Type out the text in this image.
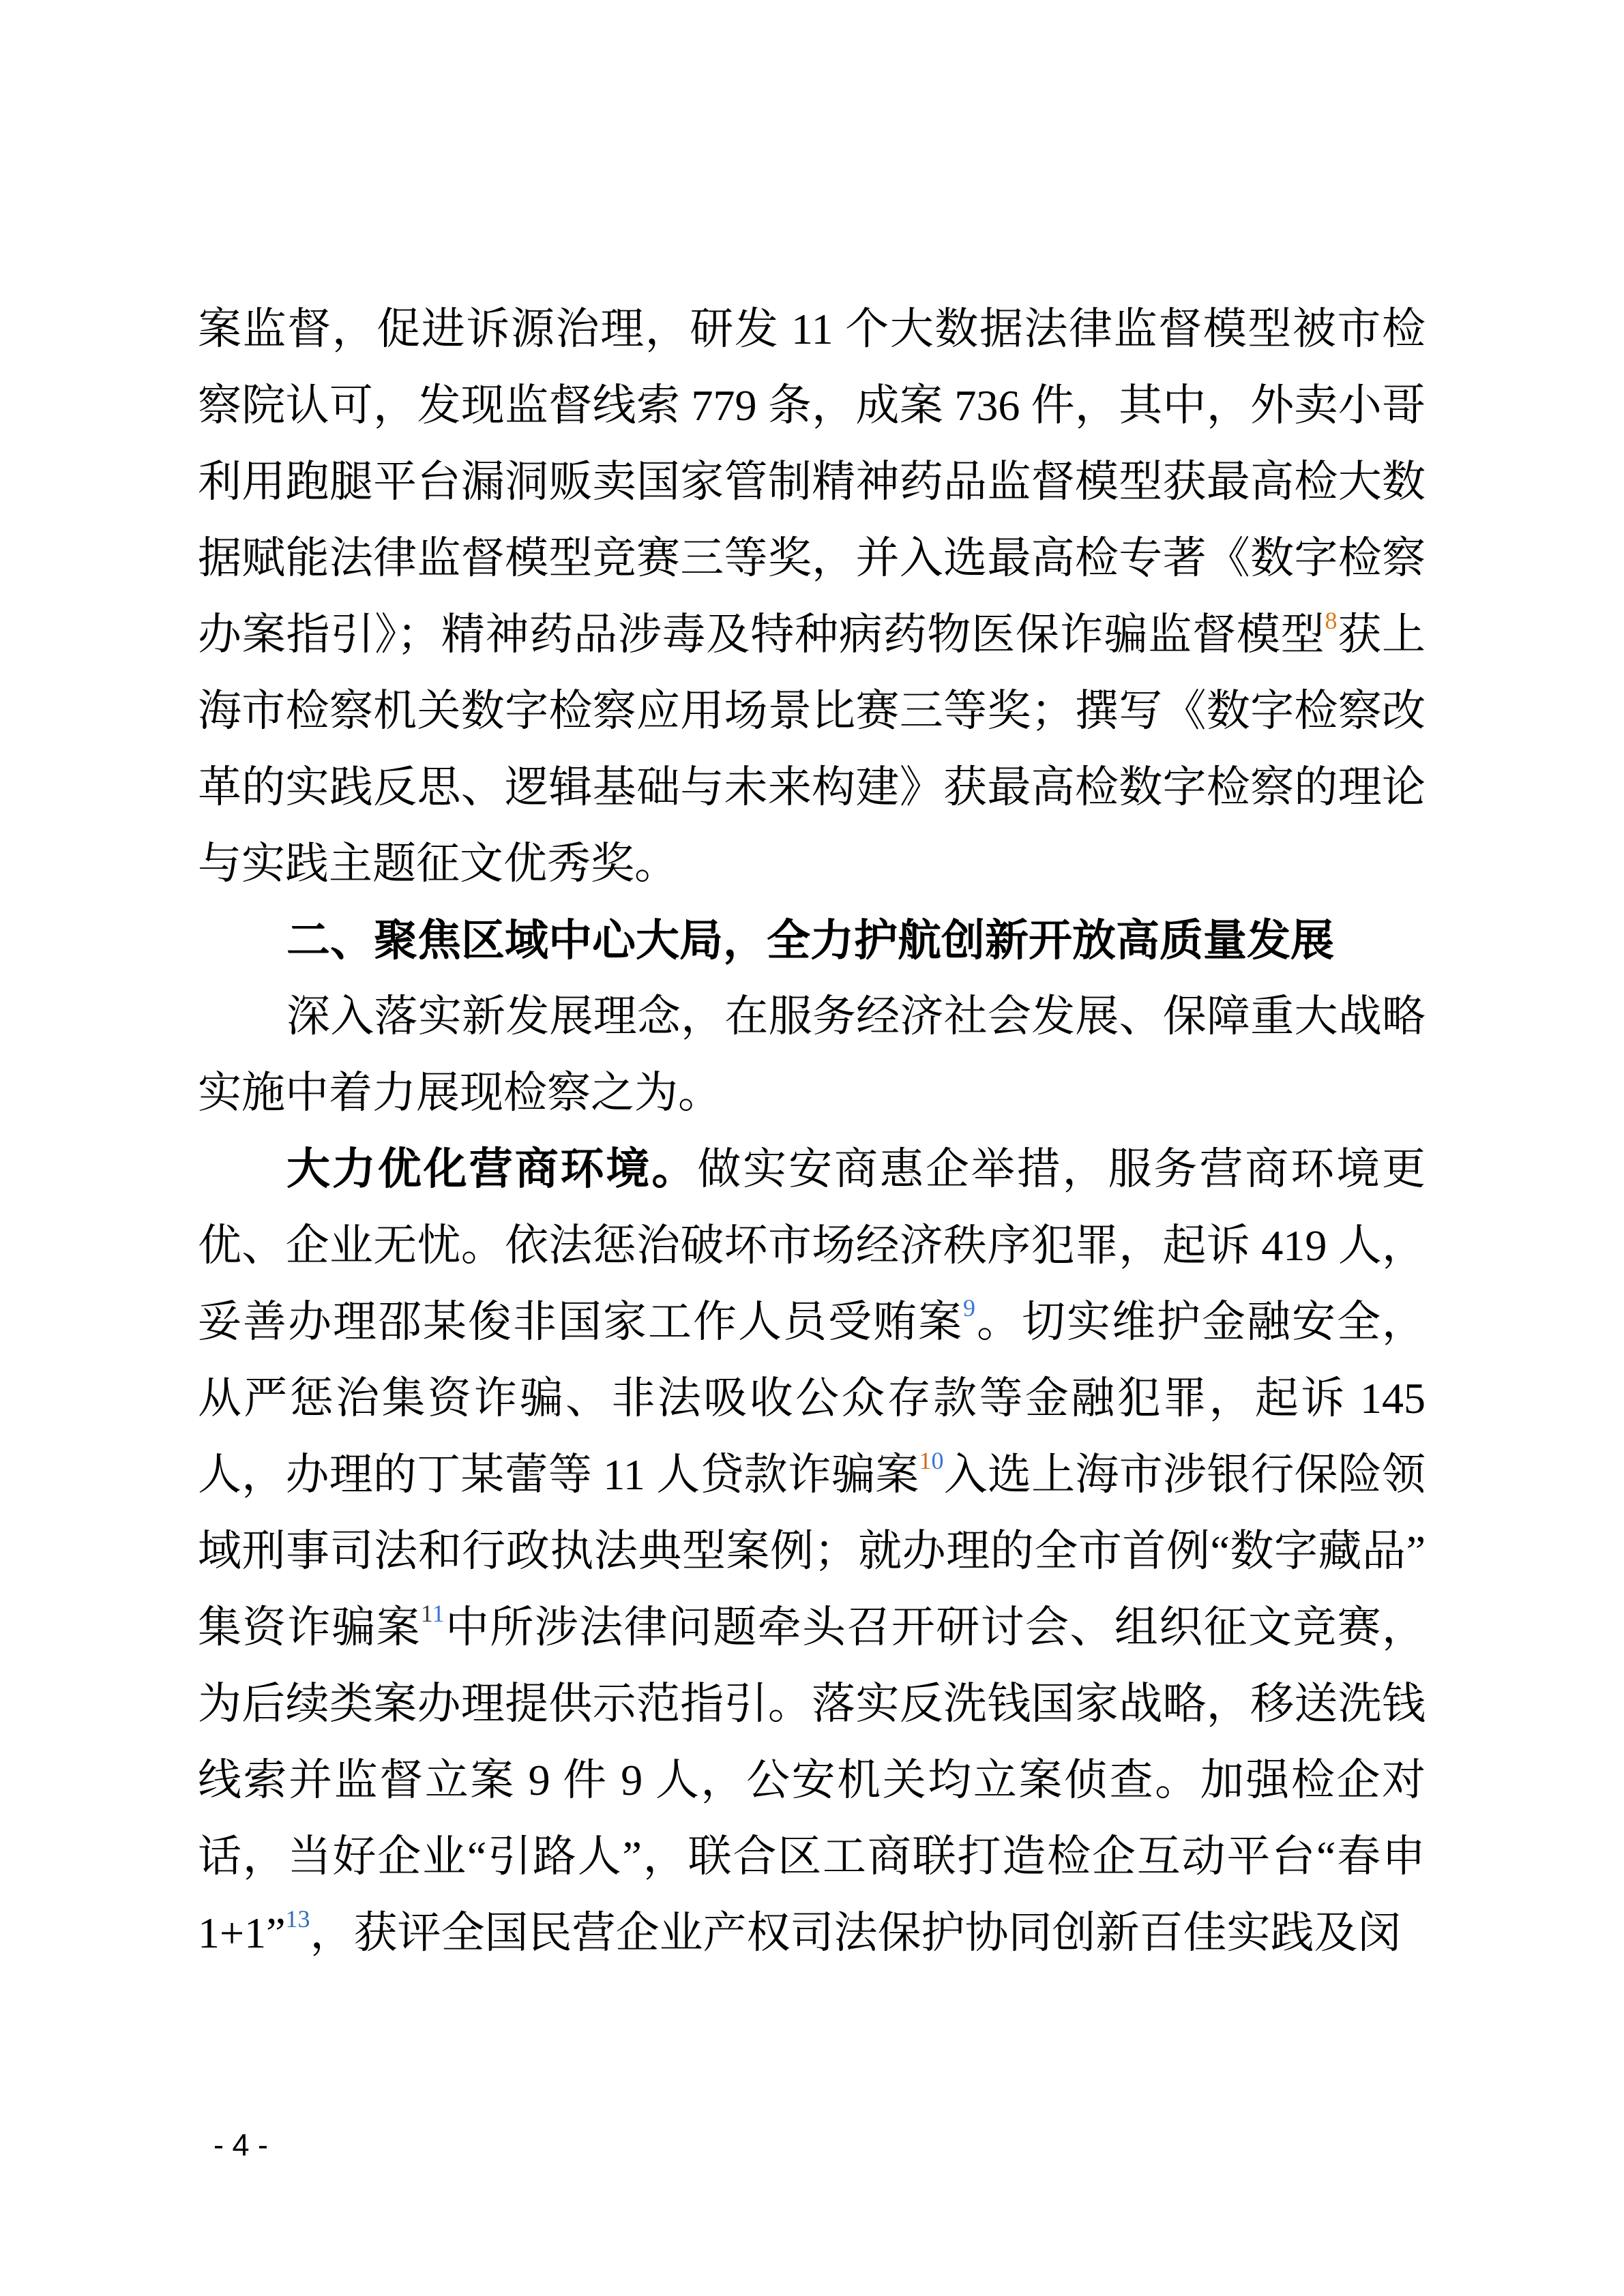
案监督，促进诉源治理，研发 11 个大数据法律监督模型被市检察院认可，发现监督线索 779 条，成案 736 件，其中，外卖小哥利用跑腿平台漏洞贩卖国家管制精神药品监督模型获最高检大数据赋能法律监督模型竞赛三等奖，并入选最高检专著《数字检察办案指引》；精神药品涉毒及特种病药物医保诈骗监督模型$^8$获上海市检察机关数字检察应用场景比赛三等奖；撰写《数字检察改革的实践反思、逻辑基础与未来构建》获最高检数字检察的理论与实践主题征文优秀奖。

二、聚焦区域中心大局，全力护航创新开放高质量发展

深入落实新发展理念，在服务经济社会发展、保障重大战略实施中着力展现检察之为。

大力优化营商环境。做实安商惠企举措，服务营商环境更优、企业无忧。依法惩治破坏市场经济秩序犯罪，起诉 419 人，妥善办理邵某俊非国家工作人员受贿案$^9$。切实维护金融安全，从严惩治集资诈骗、非法吸收公众存款等金融犯罪，起诉 145 人，办理的丁某蕾等 11 人贷款诈骗案$^{10}$入选上海市涉银行保险领域刑事司法和行政执法典型案例；就办理的全市首例“数字藏品”集资诈骗案$^{11}$中所涉法律问题牵头召开研讨会、组织征文竞赛，为后续类案办理提供示范指引。落实反洗钱国家战略，移送洗钱线索并监督立案 9 件 9 人，公安机关均立案侦查。加强检企对话，当好企业“引路人”，联合区工商联打造检企互动平台“春申 1+1”$^{13}$，获评全国民营企业产权司法保护协同创新百佳实践及闵

- 4 -
